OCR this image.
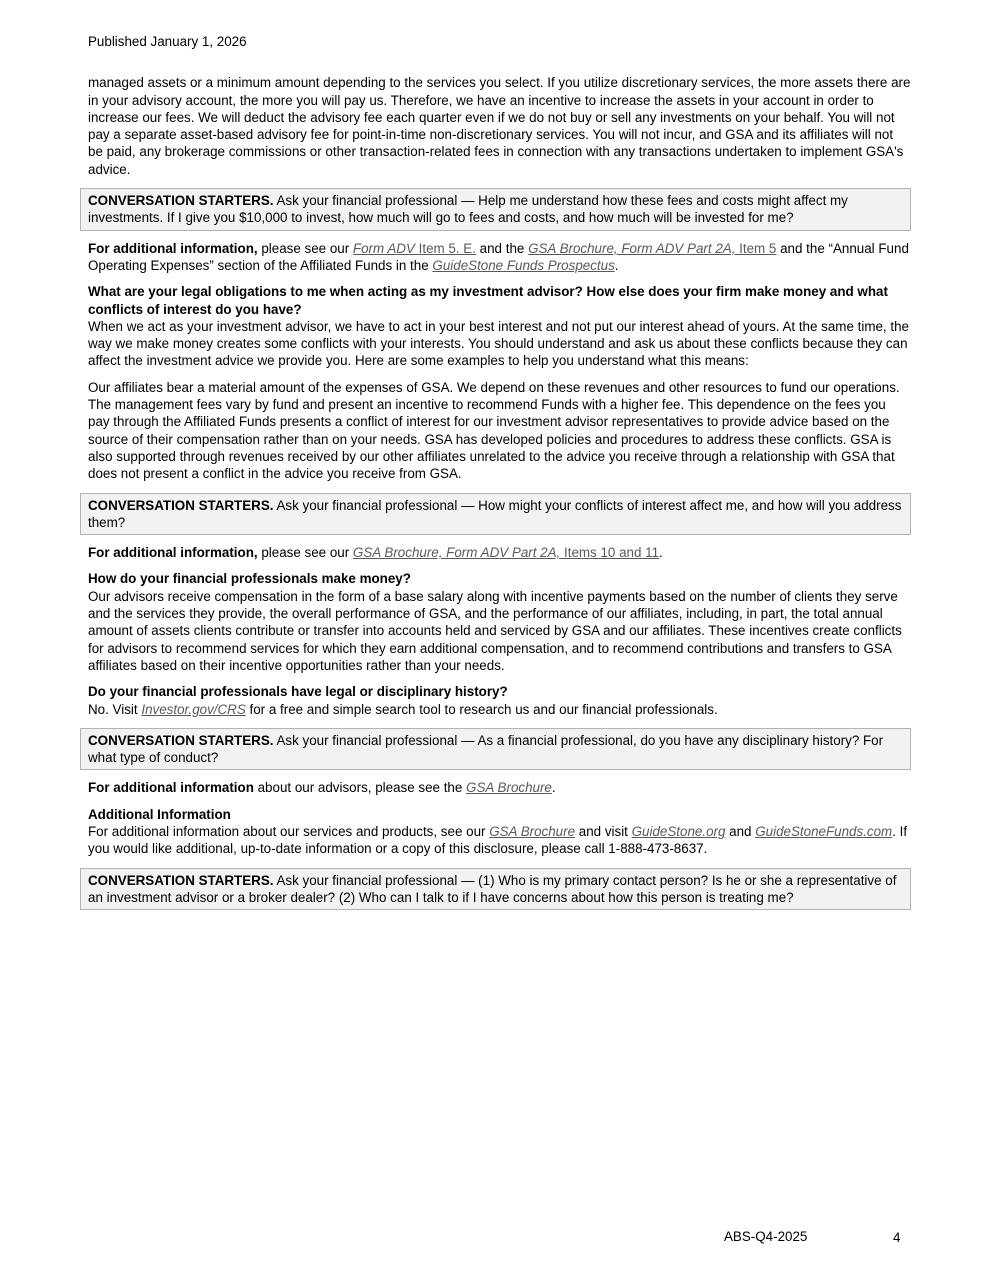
Published January 1, 2026

managed assets or a minimum amount depending to the services you select. If you utilize discretionary services, the more assets there are in your advisory account, the more you will pay us. Therefore, we have an incentive to increase the assets in your account in order to increase our fees. We will deduct the advisory fee each quarter even if we do not buy or sell any investments on your behalf. You will not pay a separate asset-based advisory fee for point-in-time non-discretionary services. You will not incur, and GSA and its affiliates will not be paid, any brokerage commissions or other transaction-related fees in connection with any transactions undertaken to implement GSA's advice.

CONVERSATION STARTERS. Ask your financial professional — Help me understand how these fees and costs might affect my investments. If I give you $10,000 to invest, how much will go to fees and costs, and how much will be invested for me?

For additional information, please see our Form ADV Item 5. E. and the GSA Brochure, Form ADV Part 2A, Item 5 and the “Annual Fund Operating Expenses” section of the Affiliated Funds in the GuideStone Funds Prospectus.

What are your legal obligations to me when acting as my investment advisor? How else does your firm make money and what conflicts of interest do you have?

When we act as your investment advisor, we have to act in your best interest and not put our interest ahead of yours. At the same time, the way we make money creates some conflicts with your interests. You should understand and ask us about these conflicts because they can affect the investment advice we provide you. Here are some examples to help you understand what this means:

Our affiliates bear a material amount of the expenses of GSA. We depend on these revenues and other resources to fund our operations. The management fees vary by fund and present an incentive to recommend Funds with a higher fee. This dependence on the fees you pay through the Affiliated Funds presents a conflict of interest for our investment advisor representatives to provide advice based on the source of their compensation rather than on your needs. GSA has developed policies and procedures to address these conflicts. GSA is also supported through revenues received by our other affiliates unrelated to the advice you receive through a relationship with GSA that does not present a conflict in the advice you receive from GSA.

CONVERSATION STARTERS. Ask your financial professional — How might your conflicts of interest affect me, and how will you address them?

For additional information, please see our GSA Brochure, Form ADV Part 2A, Items 10 and 11.

How do your financial professionals make money?

Our advisors receive compensation in the form of a base salary along with incentive payments based on the number of clients they serve and the services they provide, the overall performance of GSA, and the performance of our affiliates, including, in part, the total annual amount of assets clients contribute or transfer into accounts held and serviced by GSA and our affiliates. These incentives create conflicts for advisors to recommend services for which they earn additional compensation, and to recommend contributions and transfers to GSA affiliates based on their incentive opportunities rather than your needs.

Do your financial professionals have legal or disciplinary history?

No. Visit Investor.gov/CRS for a free and simple search tool to research us and our financial professionals.

CONVERSATION STARTERS. Ask your financial professional — As a financial professional, do you have any disciplinary history? For what type of conduct?

For additional information about our advisors, please see the GSA Brochure.

Additional Information

For additional information about our services and products, see our GSA Brochure and visit GuideStone.org and GuideStoneFunds.com. If you would like additional, up-to-date information or a copy of this disclosure, please call 1-888-473-8637.

CONVERSATION STARTERS. Ask your financial professional — (1) Who is my primary contact person? Is he or she a representative of an investment advisor or a broker dealer? (2) Who can I talk to if I have concerns about how this person is treating me?
ABS-Q4-2025	4
